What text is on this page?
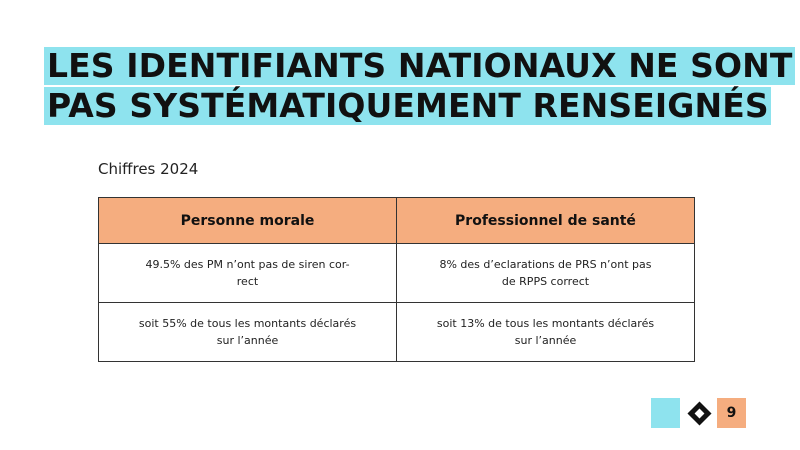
LES IDENTIFIANTS NATIONAUX NE SONT
PAS SYSTÉMATIQUEMENT RENSEIGNÉS
Chiffres 2024
Personne morale	Professionnel de santé
49.5% des PM n’ont pas de siren cor-rect	8% des d’eclarations de PRS n’ont pas de RPPS correct
soit 55% de tous les montants déclarés sur l’année	soit 13% de tous les montants déclarés sur l’année
9
